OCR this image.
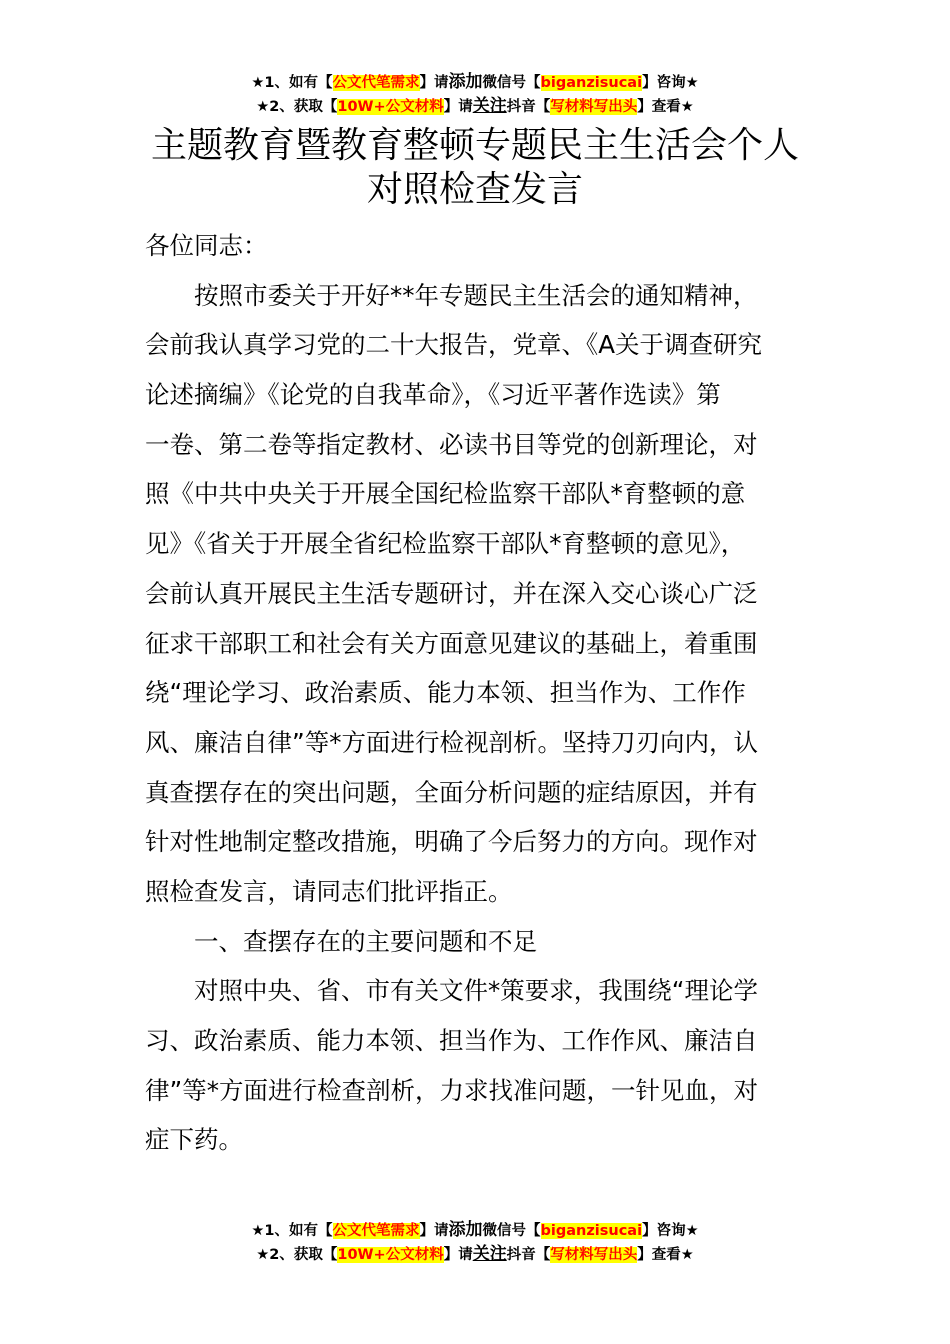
★1、如有【公文代笔需求】请添加微信号【biganzisucai】咨询★
★2、获取【10W+公文材料】请关注抖音【写材料写出头】查看★
主题教育暨教育整顿专题民主生活会个人
对照检查发言
各位同志：
　　按照市委关于开好**年专题民主生活会的通知精神，
会前我认真学习党的二十大报告，党章、《A关于调查研究
论述摘编》《论党的自我革命》，《习近平著作选读》第
一卷、第二卷等指定教材、必读书目等党的创新理论，对
照《中共中央关于开展全国纪检监察干部队*育整顿的意
见》《省关于开展全省纪检监察干部队*育整顿的意见》，
会前认真开展民主生活专题研讨，并在深入交心谈心广泛
征求干部职工和社会有关方面意见建议的基础上，着重围
绕“理论学习、政治素质、能力本领、担当作为、工作作
风、廉洁自律”等*方面进行检视剖析。坚持刀刃向内，认
真查摆存在的突出问题，全面分析问题的症结原因，并有
针对性地制定整改措施，明确了今后努力的方向。现作对
照检查发言，请同志们批评指正。
　　一、查摆存在的主要问题和不足
　　对照中央、省、市有关文件*策要求，我围绕“理论学
习、政治素质、能力本领、担当作为、工作作风、廉洁自
律”等*方面进行检查剖析，力求找准问题，一针见血，对
症下药。
★1、如有【公文代笔需求】请添加微信号【biganzisucai】咨询★
★2、获取【10W+公文材料】请关注抖音【写材料写出头】查看★
